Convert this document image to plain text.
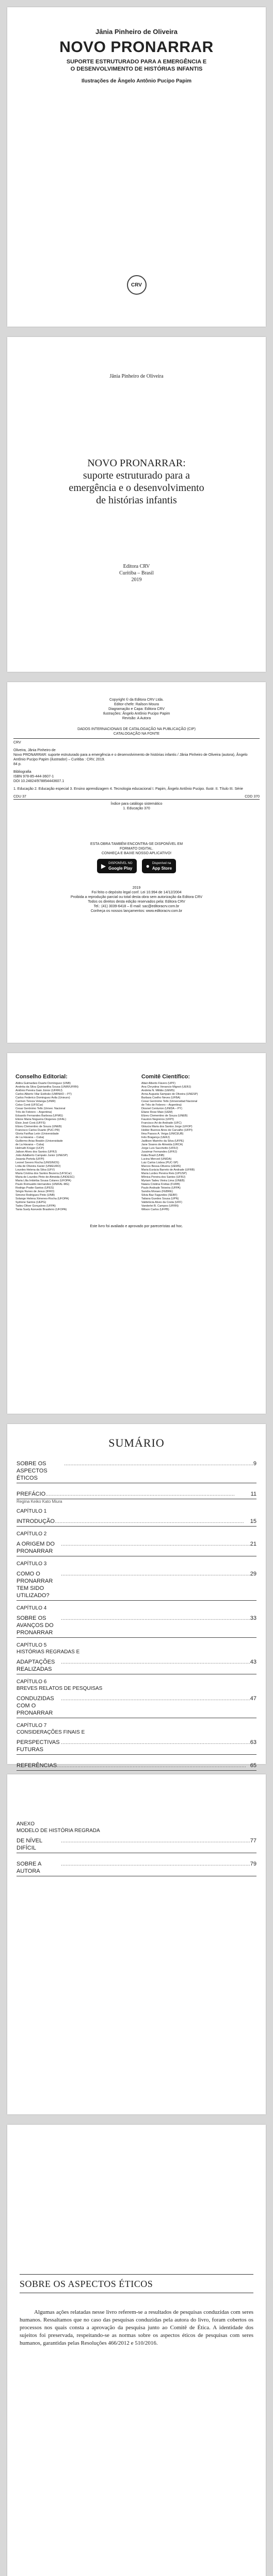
Jânia Pinheiro de Oliveira
NOVO PRONARRAR
SUPORTE ESTRUTURADO PARA A EMERGÊNCIA E
O DESENVOLVIMENTO DE HISTÓRIAS INFANTIS
Ilustrações de Ângelo Antônio Pucipo Papim
CRV
Jânia Pinheiro de Oliveira
NOVO PRONARRAR:
suporte estruturado para a
emergência e o desenvolvimento
de histórias infantis
Editora CRV
Curitiba – Brasil
2019
Copyright © da Editora CRV Ltda.
Editor-chefe: Railson Moura
Diagramação e Capa: Editora CRV
Ilustrações: Ângelo Antônio Pucipo Papim
Revisão: A Autora
DADOS INTERNACIONAIS DE CATALOGAÇÃO NA PUBLICAÇÃO (CIP)
CATALOGAÇÃO NA FONTE
CRV
Oliveira, Jânia Pinheiro de
Novo PRONARRAR: suporte estruturado para a emergência e o desenvolvimento de histórias infantis / Jânia Pinheiro de Oliveira (autora), Ângelo Antônio Pucipo Papim (ilustrador) – Curitiba : CRV, 2019.
84 p.
Bibliografia
ISBN 978-85-444-3607-1
DOI 10.24824/978854443607.1
1. Educação 2. Educação especial 3. Ensino aprendizagem 4. Tecnologia educacional I. Papim, Ângelo Antônio Pucipo. Ilustr. II. Título III. Série
CDU 37	CDD 370
Índice para catálogo sistemático
1. Educação 370
ESTA OBRA TAMBÉM ENCONTRA-SE DISPONÍVEL EM
FORMATO DIGITAL.
CONHEÇA E BAIXE NOSSO APLICATIVO!
▶ DISPONÍVEL NO
Google Play ● Disponível na
App Store
2019
Foi feito o depósito legal conf. Lei 10.994 de 14/12/2004
Proibida a reprodução parcial ou total desta obra sem autorização da Editora CRV
Todos os direitos desta edição reservados pela: Editora CRV
Tel.: (41) 3039-6418 – E-mail: sac@editoracrv.com.br
Conheça os nossos lançamentos: www.editoracrv.com.br
Conselho Editorial:
Aldira Guimarães Duarte Domínguez (UNB)
Andréia da Silva Quintanilha Sousa (UNIR/UFRN)
Antônio Pereira Gaio Júnior (UFRRJ)
Carlos Alberto Vilar Estêvão (UMINHO – PT)
Carlos Federico Dominguez Avila (Unieuro)
Carmen Tereza Velanga (UNIR)
Celso Conti (UFSCar)
Cesar Gerónimo Tello (Univer. Nacional
Três de Febrero – Argentina)
Eduardo Fernandes Barbosa (UFMG)
Elione Maria Nogueira Diogenes (UFAL)
Élsio José Corá (UFFS)
Elizeu Clementino de Souza (UNEB)
Francisco Carlos Duarte (PUC-PR)
Gloria Fariñas León (Universidade
de La Havana – Cuba)
Guillermo Arias Beatón (Universidade
de La Havana – Cuba)
Helmuth Krüger (UCP)
Jailson Alves dos Santos (UFRJ)
João Adalberto Campato Junior (UNESP)
Josania Portela (UFPI)
Leonel Severo Rocha (UNISINOS)
Lídia de Oliveira Xavier (UNIEURO)
Lourdes Helena da Silva (UFV)
Maria Cristina dos Santos Bezerra (UFSCar)
Maria de Lourdes Pinto de Almeida (UNOESC)
Maria Lília Imbiriba Sousa Colares (UFOPA)
Paulo Romualdo Hernandes (UNIFAL-MG)
Rodrigo Pratte-Santos (UFES)
Sérgio Nunes de Jesus (IFRO)
Simone Rodrigues Pinto (UNB)
Solange Helena Ximenes-Rocha (UFOPA)
Sydione Santos (UEPG)
Tadeu Oliver Gonçalves (UFPA)
Tania Suely Azevedo Brasileiro (UFOPA)
Comitê Científico:
Altair Alberto Fávero (UPF)
Ana Chrystina Venancio Mignot (UERJ)
Andréia N. Militão (UEMS)
Anna Augusta Sampaio de Oliveira (UNESP)
Barbara Coelho Neves (UFBA)
Cesar Gerónimo Tello (Universidad Nacional
de Três de Febrero – Argentina)
Diosnel Centurion (UNIDA – PY)
Eliane Rose Maio (UEM)
Elizeu Clementino de Souza (UNEB)
Fauston Negreiros (UFPI)
Francisco Ari de Andrade (UFC)
Gláucia Maria dos Santos Jorge (UFOP)
Helder Buenos Aires de Carvalho (UFPI)
Ilma Passos A. Veiga (UNICEUB)
Inês Bragança (UERJ)
Jadilson Marinho da Silva (UFPE)
Jane Soares de Almeida (URCA)
Jorge Luís Sacchetto (UFRJ)
Jussimar Fernandes (UFRJ)
Kátia Brazil (UNB)
Lucina Merced (UNIDA)
Luiz Carlos Lisboa (PUC-SP)
Marcos Bessa-Oliveira (UEMS)
Maria Eurácia Barreto de Andrade (UFRB)
Maria Lurdes Pereira Reis (UPUSP)
Mônica Pereira dos Santos (UFRJ)
Myriam Tadeu Vieira Lima (UNEB)
Naiara Cristina Freitas (FURB)
Paulo Andrade Teixeira (UFPA)
Sandra Moraes (FEBRE)
Silvia Baz Fagundes (SEBF)
Tatiana Guedes Sousa (UPN)
Valdelúcia Alves da Costa (UFF)
Vanderlei B. Campos (UFRN)
Wilson Carlos (UFPB)
Este livro foi avaliado e aprovado por pareceristas ad hoc.
SUMÁRIO
SOBRE OS ASPECTOS ÉTICOS
........................................................................................................................ 9
PREFÁCIO ........................................................................................................................	11
Regina Keiko Kato Miura
CAPÍTULO 1
INTRODUÇÃO ........................................................................................................................	15
CAPÍTULO 2
A ORIGEM DO PRONARRAR
........................................................................................................................ 21
CAPÍTULO 3
COMO O PRONARRAR TEM SIDO UTILIZADO?
........................................................................................................................ 29
CAPÍTULO 4
SOBRE OS AVANÇOS DO PRONARRAR
........................................................................................................................ 33
CAPÍTULO 5
HISTÓRIAS REGRADAS E
ADAPTAÇÕES REALIZADAS
........................................................................................................................ 43
CAPÍTULO 6
BREVES RELATOS DE PESQUISAS
CONDUZIDAS COM O PRONARRAR
........................................................................................................................ 47
CAPÍTULO 7
CONSIDERAÇÕES FINAIS E
PERSPECTIVAS FUTURAS
........................................................................................................................ 63
REFERÊNCIAS ........................................................................................................................ 65
ANEXO
MODELO DE HISTÓRIA REGRADA
DE NÍVEL DIFÍCIL
........................................................................................................................ 77
SOBRE A AUTORA
........................................................................................................................ 79
SOBRE OS ASPECTOS ÉTICOS

Algumas ações relatadas nesse livro referem-se a resultados de pesquisas conduzidas com seres humanos. Ressaltamos que no caso das pesquisas conduzidas pela autora do livro, foram cobertos os processos nos quais consta a aprovação da pesquisa junto ao Comitê de Ética. A identidade dos sujeitos foi preservada, respeitando-se as normas sobre os aspectos éticos de pesquisas com seres humanos, garantidas pelas Resoluções 466/2012 e 510/2016.
